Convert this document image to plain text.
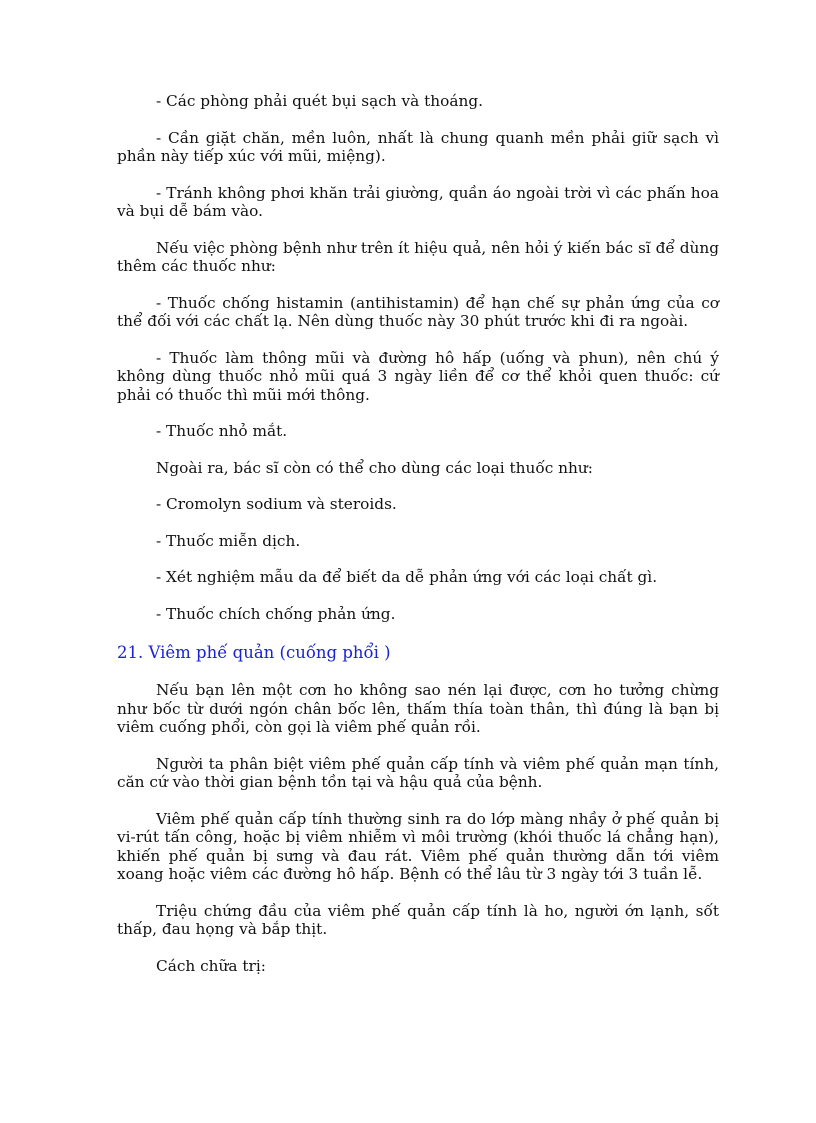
- Các phòng phải quét bụi sạch và thoáng.

- Cần giặt chăn, mền luôn, nhất là chung quanh mền phải giữ sạch vì phần này tiếp xúc với mũi, miệng).

- Tránh không phơi khăn trải giường, quần áo ngoài trời vì các phấn hoa và bụi dễ bám vào.

Nếu việc phòng bệnh như trên ít hiệu quả, nên hỏi ý kiến bác sĩ để dùng thêm các thuốc như:

- Thuốc chống histamin (antihistamin) để hạn chế sự phản ứng của cơ thể đối với các chất lạ. Nên dùng thuốc này 30 phút trước khi đi ra ngoài.

- Thuốc làm thông mũi và đường hô hấp (uống và phun), nên chú ý không dùng thuốc nhỏ mũi quá 3 ngày liền để cơ thể khỏi quen thuốc: cứ phải có thuốc thì mũi mới thông.

- Thuốc nhỏ mắt.

Ngoài ra, bác sĩ còn có thể cho dùng các loại thuốc như:

- Cromolyn sodium và steroids.

- Thuốc miễn dịch.

- Xét nghiệm mẫu da để biết da dễ phản ứng với các loại chất gì.

- Thuốc chích chống phản ứng.

21. Viêm phế quản (cuống phổi )

Nếu bạn lên một cơn ho không sao nén lại được, cơn ho tưởng chừng như bốc từ dưới ngón chân bốc lên, thấm thía toàn thân, thì đúng là bạn bị viêm cuống phổi, còn gọi là viêm phế quản rồi.

Người ta phân biệt viêm phế quản cấp tính và viêm phế quản mạn tính, căn cứ vào thời gian bệnh tồn tại và hậu quả của bệnh.

Viêm phế quản cấp tính thường sinh ra do lớp màng nhầy ở phế quản bị vi-rút tấn công, hoặc bị viêm nhiễm vì môi trường (khói thuốc lá chẳng hạn), khiến phế quản bị sưng và đau rát. Viêm phế quản thường dẫn tới viêm xoang hoặc viêm các đường hô hấp. Bệnh có thể lâu từ 3 ngày tới 3 tuần lễ.

Triệu chứng đầu của viêm phế quản cấp tính là ho, người ớn lạnh, sốt thấp, đau họng và bắp thịt.

Cách chữa trị:
